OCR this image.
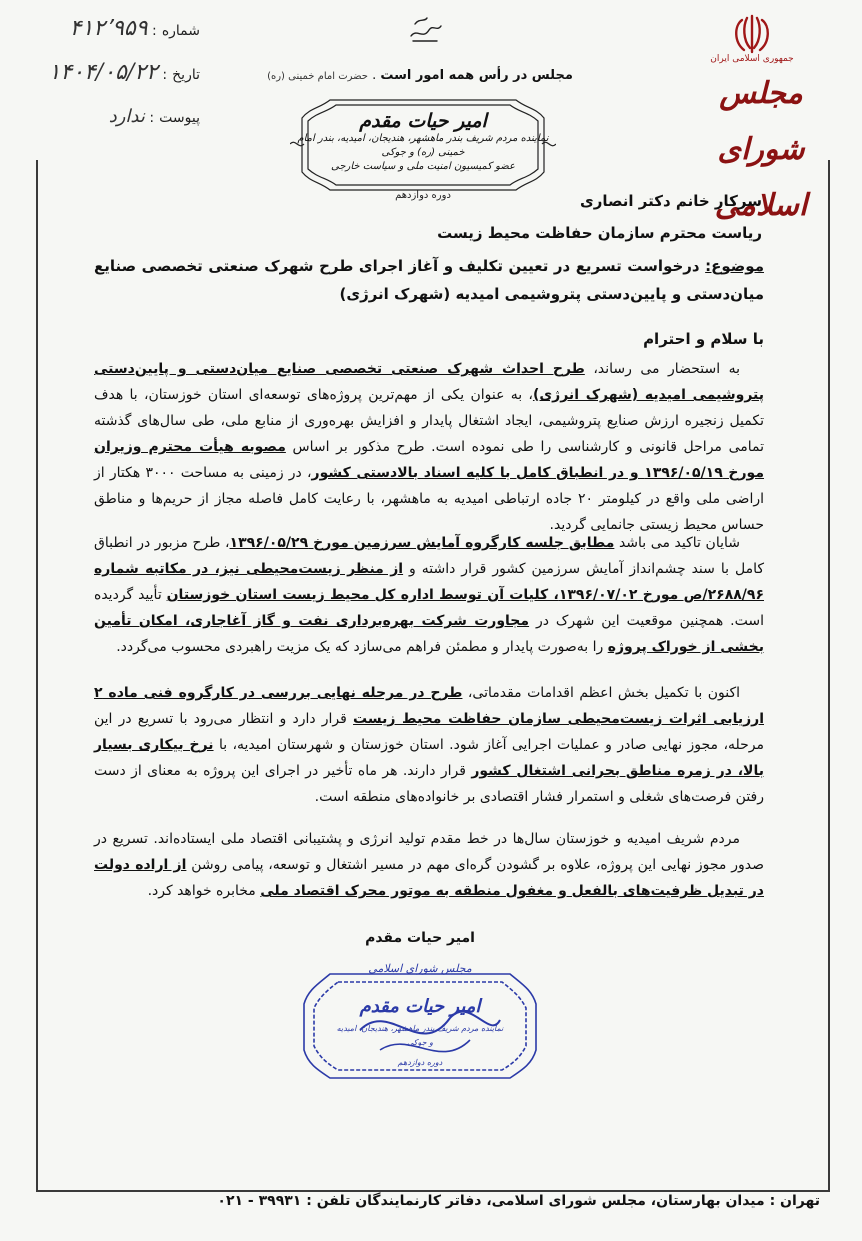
جمهوری اسلامی ایران
مجلس شورای اسلامی
مجلس در رأس همه امور است . حضرت امام خمینی (ره)
امیر حیات مقدم
نماینده مردم شریف بندر ماهشهر، هندیجان، امیدیه، بندر امام خمینی (ره) و جوکی
عضو کمیسیون امنیت ملی و سیاست خارجی
دوره دوازدهم
شماره : ۴۱۲٬۹۵۹
تاریخ : ۱۴۰۴/۰۵/۲۲
پیوست : ندارد
سرکار خانم دکتر انصاری
ریاست محترم سازمان حفاظت محیط زیست
موضوع: درخواست تسریع در تعیین تکلیف و آغاز اجرای طرح شهرک صنعتی تخصصی صنایع میان‌دستی و پایین‌دستی پتروشیمی امیدیه (شهرک انرژی)
با سلام و احترام
به استحضار می رساند، طرح احداث شهرک صنعتی تخصصی صنایع میان‌دستی و پایین‌دستی پتروشیمی امیدیه (شهرک انرژی)، به عنوان یکی از مهم‌ترین پروژه‌های توسعه‌ای استان خوزستان، با هدف تکمیل زنجیره ارزش صنایع پتروشیمی، ایجاد اشتغال پایدار و افزایش بهره‌وری از منابع ملی، طی سال‌های گذشته تمامی مراحل قانونی و کارشناسی را طی نموده است. طرح مذکور بر اساس مصوبه هیأت محترم وزیران مورخ ۱۳۹۶/۰۵/۱۹ و در انطباق کامل با کلیه اسناد بالادستی کشور، در زمینی به مساحت ۳۰۰۰ هکتار از اراضی ملی واقع در کیلومتر ۲۰ جاده ارتباطی امیدیه به ماهشهر، با رعایت کامل فاصله مجاز از حریم‌ها و مناطق حساس محیط زیستی جانمایی گردید.
شایان تاکید می باشد مطابق جلسه کارگروه آمایش سرزمین مورخ ۱۳۹۶/۰۵/۲۹، طرح مزبور در انطباق کامل با سند چشم‌انداز آمایش سرزمین کشور قرار داشته و از منظر زیست‌محیطی نیز، در مکاتبه شماره ۲۶۸۸/۹۶/ص مورخ ۱۳۹۶/۰۷/۰۲، کلیات آن توسط اداره کل محیط زیست استان خوزستان تأیید گردیده است. همچنین موقعیت این شهرک در مجاورت شرکت بهره‌برداری نفت و گاز آغاجاری، امکان تأمین بخشی از خوراک پروژه را به‌صورت پایدار و مطمئن فراهم می‌سازد که یک مزیت راهبردی محسوب می‌گردد.
اکنون با تکمیل بخش اعظم اقدامات مقدماتی، طرح در مرحله نهایی بررسی در کارگروه فنی ماده ۲ ارزیابی اثرات زیست‌محیطی سازمان حفاظت محیط زیست قرار دارد و انتظار می‌رود با تسریع در این مرحله، مجوز نهایی صادر و عملیات اجرایی آغاز شود. استان خوزستان و شهرستان امیدیه، با نرخ بیکاری بسیار بالا، در زمره مناطق بحرانی اشتغال کشور قرار دارند. هر ماه تأخیر در اجرای این پروژه به معنای از دست رفتن فرصت‌های شغلی و استمرار فشار اقتصادی بر خانواده‌های منطقه است.
مردم شریف امیدیه و خوزستان سال‌ها در خط مقدم تولید انرژی و پشتیبانی اقتصاد ملی ایستاده‌اند. تسریع در صدور مجوز نهایی این پروژه، علاوه بر گشودن گره‌ای مهم در مسیر اشتغال و توسعه، پیامی روشن از اراده دولت در تبدیل ظرفیت‌های بالفعل و مغفول منطقه به موتور محرک اقتصاد ملی مخابره خواهد کرد.
امیر حیات مقدم
مجلس شورای اسلامی
امیر حیات مقدم
نماینده مردم شریف بندر ماهشهر، هندیجان، امیدیه
و جوکی
دوره دوازدهم
تهران : میدان بهارستان، مجلس شورای اسلامی، دفاتر کارنمایندگان تلفن : ۳۹۹۳۱ - ۰۲۱
